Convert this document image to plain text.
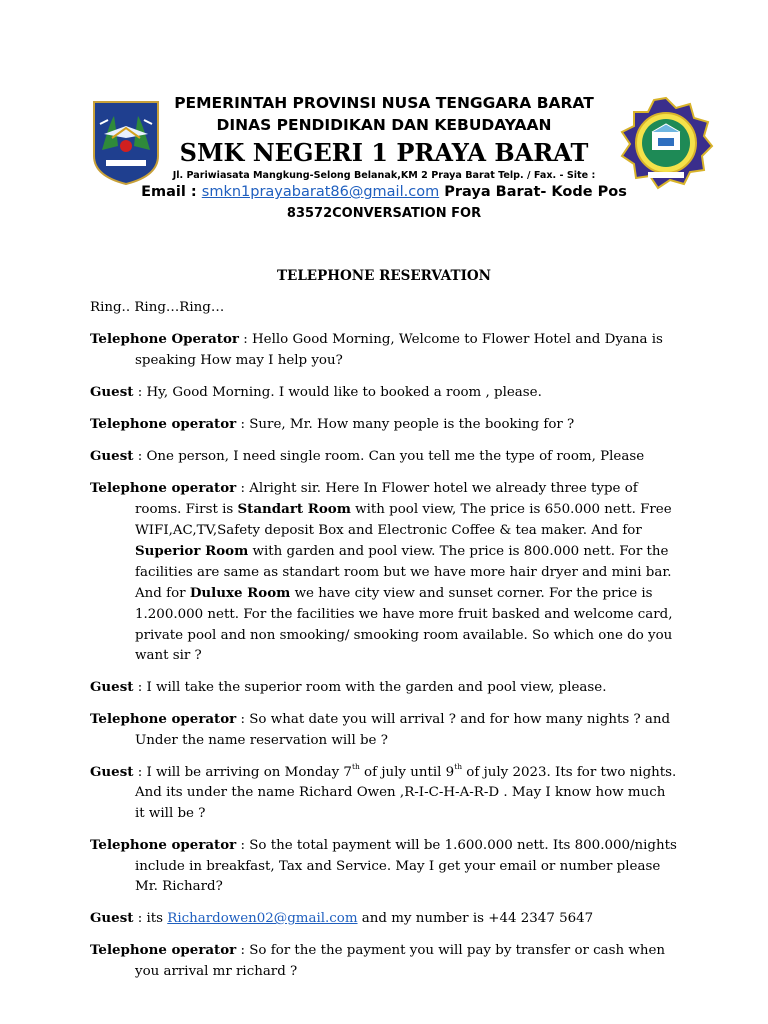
PEMERINTAH PROVINSI NUSA TENGGARA BARAT
DINAS PENDIDIKAN DAN KEBUDAYAAN
SMK NEGERI 1 PRAYA BARAT
Jl. Pariwiasata Mangkung-Selong Belanak,KM 2 Praya Barat Telp. / Fax. - Site :
Email : smkn1prayabarat86@gmail.com Praya Barat- Kode Pos
83572CONVERSATION FOR
TELEPHONE RESERVATION

Ring.. Ring…Ring…

Telephone Operator : Hello Good Morning, Welcome to Flower Hotel and Dyana is speaking How may I help you?

Guest : Hy, Good Morning. I would like to booked a room , please.

Telephone operator : Sure, Mr. How many people is the booking for ?

Guest : One person, I need single room. Can you tell me the type of room, Please

Telephone operator : Alright sir. Here In Flower hotel we already three type of rooms. First is Standart Room with pool view, The price is 650.000 nett. Free WIFI,AC,TV,Safety deposit Box and Electronic Coffee & tea maker. And for Superior Room with garden and pool view. The price is 800.000 nett. For the facilities are same as standart room but we have more hair dryer and mini bar. And for Duluxe Room we have city view and sunset corner. For the price is 1.200.000 nett. For the facilities we have more fruit basked and welcome card, private pool and non smooking/ smooking room available. So which one do you want sir ?

Guest : I will take the superior room with the garden and pool view, please.

Telephone operator : So what date you will arrival ? and for how many nights ? and Under the name reservation will be ?

Guest : I will be arriving on Monday 7th of july until 9th of july 2023. Its for two nights. And its under the name Richard Owen ,R-I-C-H-A-R-D . May I know how much it will be ?

Telephone operator : So the total payment will be 1.600.000 nett. Its 800.000/nights include in breakfast, Tax and Service. May I get your email or number please Mr. Richard?

Guest : its Richardowen02@gmail.com and my number is +44 2347 5647

Telephone operator : So for the the payment you will pay by transfer or cash when you arrival mr richard ?
